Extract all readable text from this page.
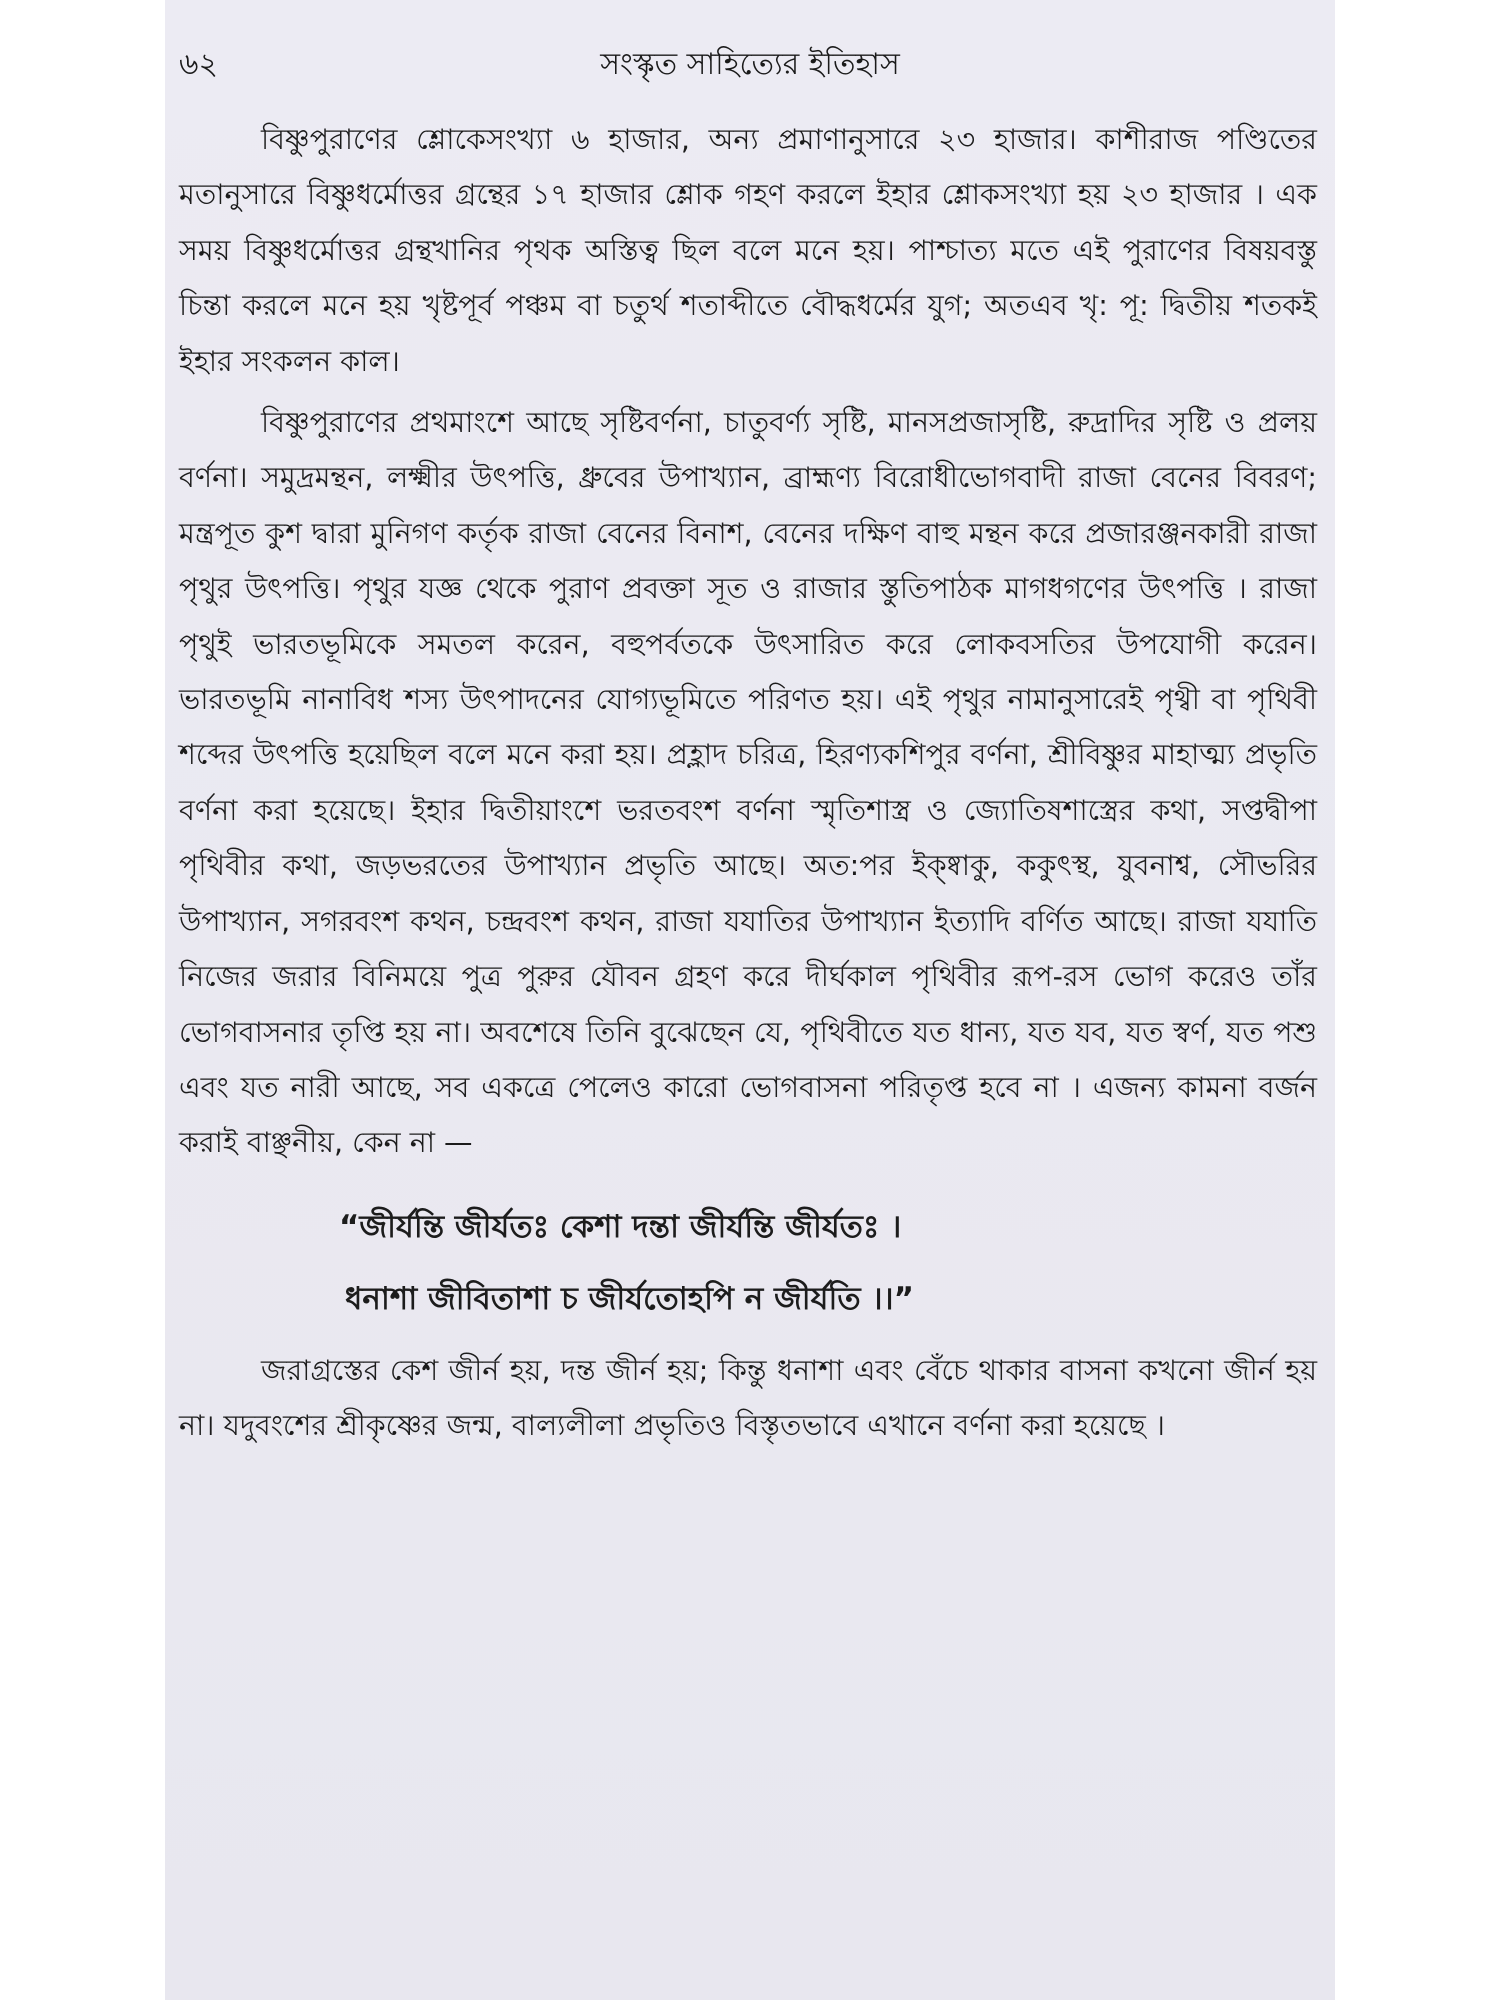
৬২	সংস্কৃত সাহিত্যের ইতিহাস

বিষ্ণুপুরাণের শ্লোকেসংখ্যা ৬ হাজার, অন্য প্রমাণানুসারে ২৩ হাজার। কাশীরাজ পণ্ডিতের মতানুসারে বিষ্ণুধর্মোত্তর গ্রন্থের ১৭ হাজার শ্লোক গহণ করলে ইহার শ্লোকসংখ্যা হয় ২৩ হাজার । এক সময় বিষ্ণুধর্মোত্তর গ্রন্থখানির পৃথক অস্তিত্ব ছিল বলে মনে হয়। পাশ্চাত্য মতে এই পুরাণের বিষয়বস্তু চিন্তা করলে মনে হয় খৃষ্টপূর্ব পঞ্চম বা চতুর্থ শতাব্দীতে বৌদ্ধধর্মের যুগ; অতএব খৃ: পূ: দ্বিতীয় শতকই ইহার সংকলন কাল।

বিষ্ণুপুরাণের প্রথমাংশে আছে সৃষ্টিবর্ণনা, চাতুবর্ণ্য সৃষ্টি, মানসপ্রজাসৃষ্টি, রুদ্রাদির সৃষ্টি ও প্রলয় বর্ণনা। সমুদ্রমন্থন, লক্ষ্মীর উৎপত্তি, ধ্রুবের উপাখ্যান, ব্রাহ্মণ্য বিরোধীভোগবাদী রাজা বেনের বিবরণ; মন্ত্রপূত কুশ দ্বারা মুনিগণ কর্তৃক রাজা বেনের বিনাশ, বেনের দক্ষিণ বাহু মন্থন করে প্রজারঞ্জনকারী রাজা পৃথুর উৎপত্তি। পৃথুর যজ্ঞ থেকে পুরাণ প্রবক্তা সূত ও রাজার স্তুতিপাঠক মাগধগণের উৎপত্তি । রাজা পৃথুই ভারতভূমিকে সমতল করেন, বহুপর্বতকে উৎসারিত করে লোকবসতির উপযোগী করেন। ভারতভূমি নানাবিধ শস্য উৎপাদনের যোগ্যভূমিতে পরিণত হয়। এই পৃথুর নামানুসারেই পৃথ্বী বা পৃথিবী শব্দের উৎপত্তি হয়েছিল বলে মনে করা হয়। প্রহ্লাদ চরিত্র, হিরণ্যকশিপুর বর্ণনা, শ্রীবিষ্ণুর মাহাত্ম্য প্রভৃতি বর্ণনা করা হয়েছে। ইহার দ্বিতীয়াংশে ভরতবংশ বর্ণনা স্মৃতিশাস্ত্র ও জ্যোতিষশাস্ত্রের কথা, সপ্তদ্বীপা পৃথিবীর কথা, জড়ভরতের উপাখ্যান প্রভৃতি আছে। অত:পর ইক্ষ্বাকু, ককুৎস্থ, যুবনাশ্ব, সৌভরির উপাখ্যান, সগরবংশ কথন, চন্দ্রবংশ কথন, রাজা যযাতির উপাখ্যান ইত্যাদি বর্ণিত আছে। রাজা যযাতি নিজের জরার বিনিময়ে পুত্র পুরুর যৌবন গ্রহণ করে দীর্ঘকাল পৃথিবীর রূপ-রস ভোগ করেও তাঁর ভোগবাসনার তৃপ্তি হয় না। অবশেষে তিনি বুঝেছেন যে, পৃথিবীতে যত ধান্য, যত যব, যত স্বর্ণ, যত পশু এবং যত নারী আছে, সব একত্রে পেলেও কারো ভোগবাসনা পরিতৃপ্ত হবে না । এজন্য কামনা বর্জন করাই বাঞ্ছনীয়, কেন না —

“জীর্যন্তি জীর্যতঃ কেশা দন্তা জীর্যন্তি জীর্যতঃ ।
ধনাশা জীবিতাশা চ জীর্যতোহপি ন জীর্যতি ।।”

জরাগ্রস্তের কেশ জীর্ন হয়, দন্ত জীর্ন হয়; কিন্তু ধনাশা এবং বেঁচে থাকার বাসনা কখনো জীর্ন হয় না। যদুবংশের শ্রীকৃষ্ণের জন্ম, বাল্যলীলা প্রভৃতিও বিস্তৃতভাবে এখানে বর্ণনা করা হয়েছে ।
